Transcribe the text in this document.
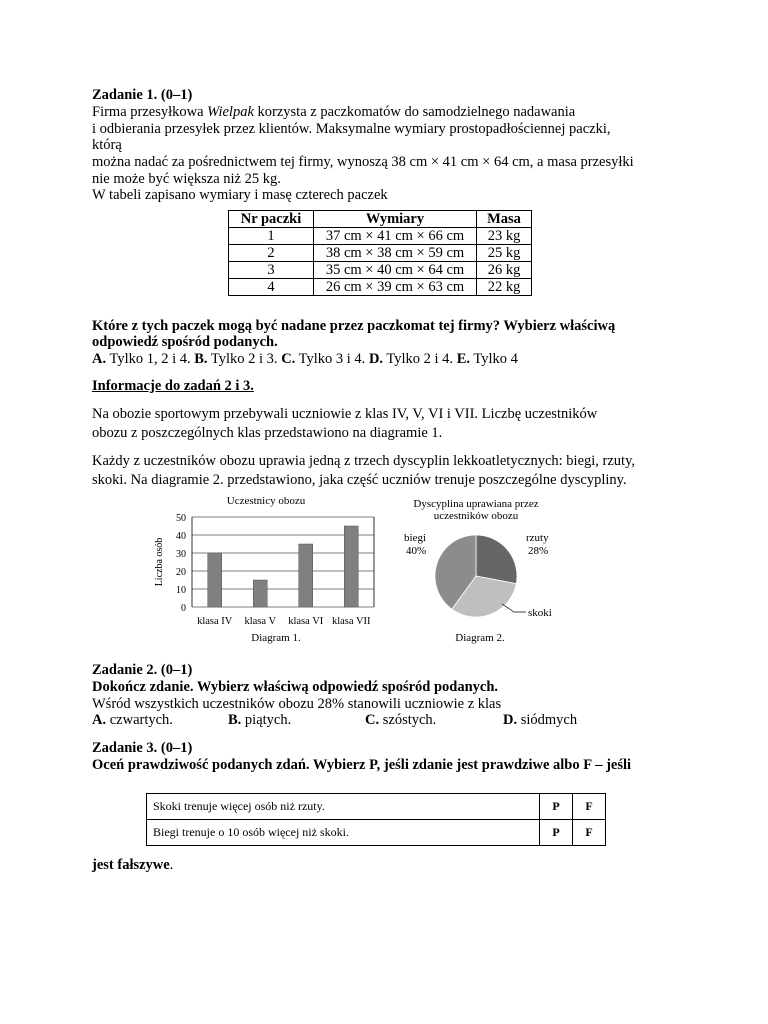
Zadanie 1. (0–1)
Firma przesyłkowa Wielpak korzysta z paczkomatów do samodzielnego nadawania
i odbierania przesyłek przez klientów. Maksymalne wymiary prostopadłościennej paczki,
którą
można nadać za pośrednictwem tej firmy, wynoszą 38 cm × 41 cm × 64 cm, a masa przesyłki
nie może być większa niż 25 kg.
W tabeli zapisano wymiary i masę czterech paczek
Nr paczki	Wymiary	Masa
1	37 cm × 41 cm × 66 cm	23 kg
2	38 cm × 38 cm × 59 cm	25 kg
3	35 cm × 40 cm × 64 cm	26 kg
4	26 cm × 39 cm × 63 cm	22 kg
Które z tych paczek mogą być nadane przez paczkomat tej firmy? Wybierz właściwą
odpowiedź spośród podanych.
A. Tylko 1, 2 i 4. B. Tylko 2 i 3. C. Tylko 3 i 4. D. Tylko 2 i 4. E. Tylko 4
Informacje do zadań 2 i 3.
Na obozie sportowym przebywali uczniowie z klas IV, V, VI i VII. Liczbę uczestników
obozu z poszczególnych klas przedstawiono na diagramie 1.
Każdy z uczestników obozu uprawia jedną z trzech dyscyplin lekkoatletycznych: biegi, rzuty,
skoki. Na diagramie 2. przedstawiono, jaka część uczniów trenuje poszczególne dyscypliny.
Uczestnicy obozu
Liczba osób
0
10
20
30
40
50
klasa IV klasa V klasa VI klasa VII
Diagram 1.
Dyscyplina uprawiana przez
uczestników obozu
biegi
40%
rzuty
28%
skoki
Diagram 2.
Zadanie 2. (0–1)
Dokończ zdanie. Wybierz właściwą odpowiedź spośród podanych.
Wśród wszystkich uczestników obozu 28% stanowili uczniowie z klas
A. czwartych.	B. piątych.	C. szóstych.	D. siódmych
Zadanie 3. (0–1)
Oceń prawdziwość podanych zdań. Wybierz P, jeśli zdanie jest prawdziwe albo F – jeśli
Skoki trenuje więcej osób niż rzuty.	P	F
Biegi trenuje o 10 osób więcej niż skoki.	P	F
jest fałszywe.
